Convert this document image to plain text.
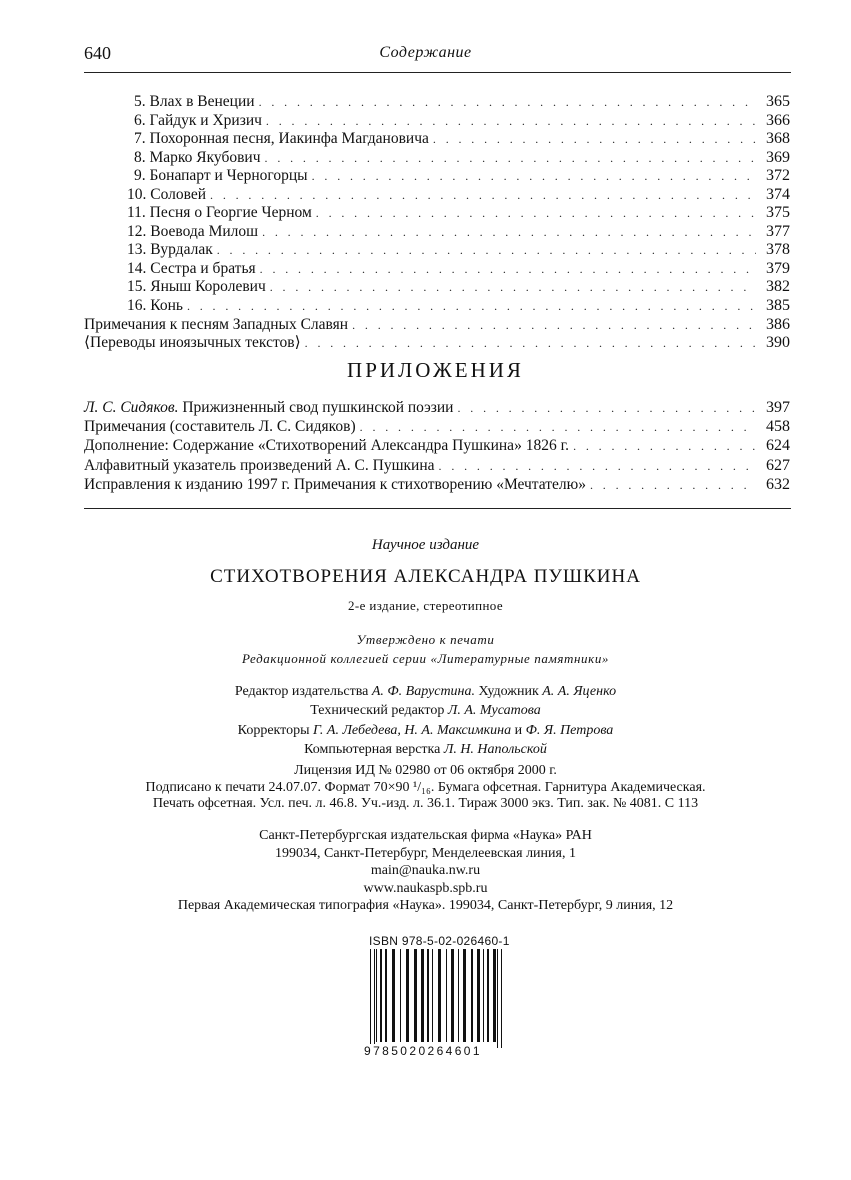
640	Содержание
5. Влах в Венеции . . .	365
6. Гайдук и Хризич . . .	366
7. Похоронная песня, Иакинфа Магдановича . . .	368
8. Марко Якубович . . .	369
9. Бонапарт и Черногорцы . . .	372
10. Соловей . . .	374
11. Песня о Георгие Черном . . .	375
12. Воевода Милош . . .	377
13. Вурдалак . . .	378
14. Сестра и братья . . .	379
15. Яныш Королевич . . .	382
16. Конь . . .	385
Примечания к песням Западных Славян . . .	386
⟨Переводы иноязычных текстов⟩ . . .	390
ПРИЛОЖЕНИЯ
Л. С. Сидяков. Прижизненный свод пушкинской поэзии . . .	397
Примечания (составитель Л. С. Сидяков) . . .	458
Дополнение: Содержание «Стихотворений Александра Пушкина» 1826 г. . . .	624
Алфавитный указатель произведений А. С. Пушкина . . .	627
Исправления к изданию 1997 г. Примечания к стихотворению «Мечтателю» . . .	632
Научное издание
СТИХОТВОРЕНИЯ АЛЕКСАНДРА ПУШКИНА
2-е издание, стереотипное
Утверждено к печати
Редакционной коллегией серии «Литературные памятники»
Редактор издательства А. Ф. Варустина. Художник А. А. Яценко
Технический редактор Л. А. Мусатова
Корректоры Г. А. Лебедева, Н. А. Максимкина и Ф. Я. Петрова
Компьютерная верстка Л. Н. Напольской
Лицензия ИД № 02980 от 06 октября 2000 г.
Подписано к печати 24.07.07. Формат 70×90 ¹/₁₆. Бумага офсетная. Гарнитура Академическая.
Печать офсетная. Усл. печ. л. 46.8. Уч.-изд. л. 36.1. Тираж 3000 экз. Тип. зак. № 4081. С 113
Санкт-Петербургская издательская фирма «Наука» РАН
199034, Санкт-Петербург, Менделеевская линия, 1
main@nauka.nw.ru
www.naukaspb.spb.ru
Первая Академическая типография «Наука». 199034, Санкт-Петербург, 9 линия, 12
ISBN 978-5-02-026460-1
9785020264601
